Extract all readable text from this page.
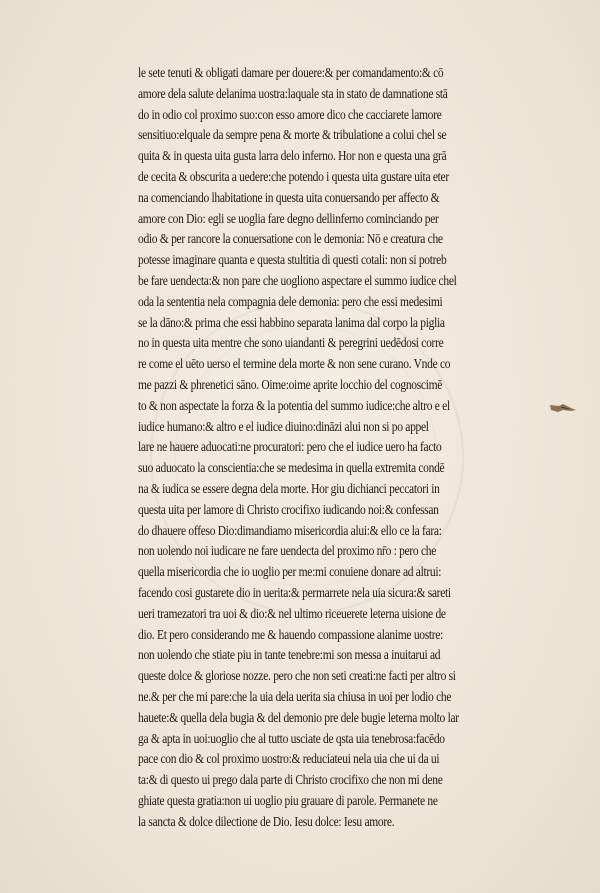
le sete tenuti & obligati damare per douere:& per comandamento:& cō
amore dela salute delanima uostra:laquale sta in stato de damnatione stā
do in odio col proximo suo:con esso amore dico che cacciarete lamore
sensitiuo:elquale da sempre pena & morte & tribulatione a colui chel se
quita & in questa uita gusta larra delo inferno. Hor non e questa una grā
de cecita & obscurita a uedere:che potendo i questa uita gustare uita eter
na comenciando lhabitatione in questa uita conuersando per affecto &
amore con Dio: egli se uoglia fare degno dellinferno cominciando per
odio & per rancore la conuersatione con le demonia: Nō e creatura che
potesse imaginare quanta e questa stultitia di questi cotali: non si potreb
be fare uendecta:& non pare che uogliono aspectare el summo iudice chel
oda la sententia nela compagnia dele demonia: pero che essi medesimi
se la dāno:& prima che essi habbino separata lanima dal corpo la piglia
no in questa uita mentre che sono uiandanti & peregrini uedēdosi corre
re come el uēto uerso el termine dela morte & non sene curano. Vnde co
me pazzi & phrenetici sāno. Oime:oime aprite locchio del cognoscimē
to & non aspectate la forza & la potentia del summo iudice:che altro e el
iudice humano:& altro e el iudice diuino:dināzi alui non si po appel
lare ne hauere aduocati:ne procuratori: pero che el iudice uero ha facto
suo aduocato la conscientia:che se medesima in quella extremita condē
na & iudica se essere degna dela morte. Hor giu dichianci peccatori in
questa uita per lamore di Christo crocifixo iudicando noi:& confessan
do dhauere offeso Dio:dimandiamo misericordia alui:& ello ce la fara:
non uolendo noi iudicare ne fare uendecta del proximo nr̄o : pero che
quella misericordia che io uoglio per me:mi conuiene donare ad altrui:
facendo cosi gustarete dio in uerita:& permarrete nela uia sicura:& sareti
ueri tramezatori tra uoi & dio:& nel ultimo riceuerete leterna uisione de
dio. Et pero considerando me & hauendo compassione alanime uostre:
non uolendo che stiate piu in tante tenebre:mi son messa a inuitarui ad
queste dolce & gloriose nozze. pero che non seti creati:ne facti per altro si
ne.& per che mi pare:che la uia dela uerita sia chiusa in uoi per lodio che
hauete:& quella dela bugia & del demonio pre dele bugie leterna molto lar
ga & apta in uoi:uoglio che al tutto usciate de qsta uia tenebrosa:facēdo
pace con dio & col proximo uostro:& reduciateui nela uia che ui da ui
ta:& di questo ui prego dala parte di Christo crocifixo che non mi dene
ghiate questa gratia:non ui uoglio piu grauare di parole. Permanete ne
la sancta & dolce dilectione de Dio. Iesu dolce: Iesu amore.
